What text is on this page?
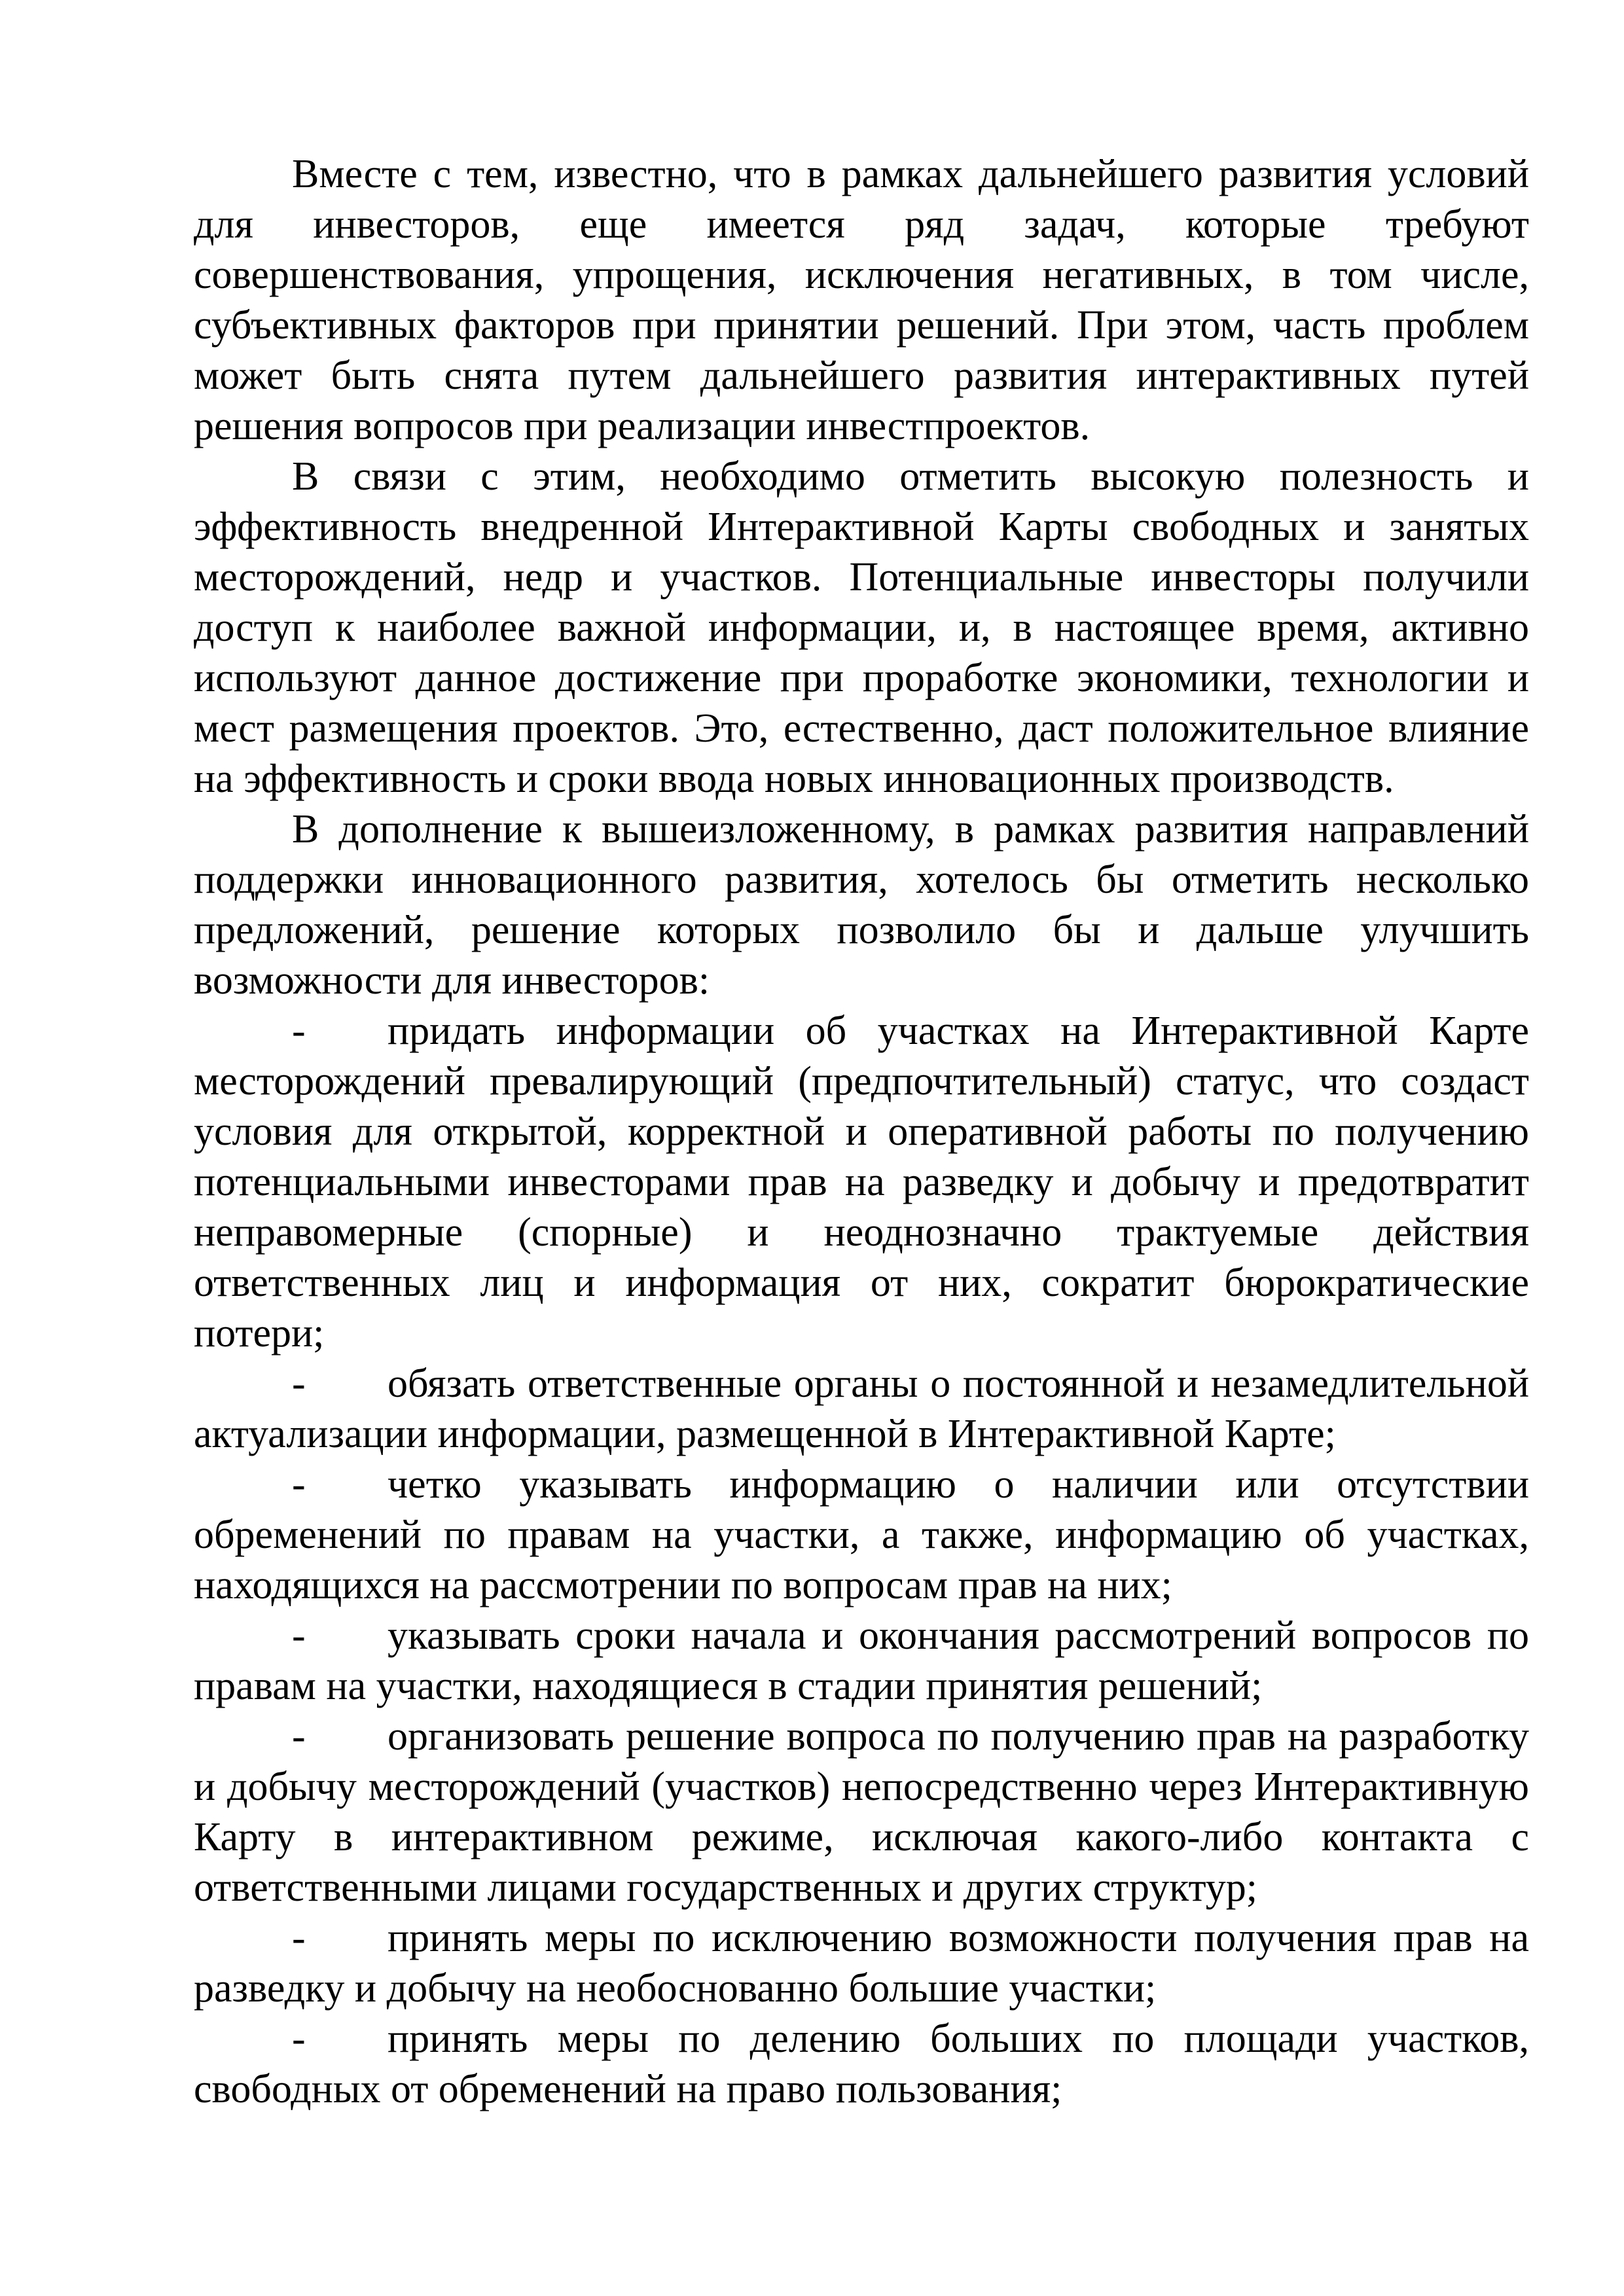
Вместе с тем, известно, что в рамках дальнейшего развития условий для инвесторов, еще имеется ряд задач, которые требуют совершенствования, упрощения, исключения негативных, в том числе, субъективных факторов при принятии решений. При этом, часть проблем может быть снята путем дальнейшего развития интерактивных путей решения вопросов при реализации инвестпроектов.

В связи с этим, необходимо отметить высокую полезность и эффективность внедренной Интерактивной Карты свободных и занятых месторождений, недр и участков. Потенциальные инвесторы получили доступ к наиболее важной информации, и, в настоящее время, активно используют данное достижение при проработке экономики, технологии и мест размещения проектов. Это, естественно, даст положительное влияние на эффективность и сроки ввода новых инновационных производств.

В дополнение к вышеизложенному, в рамках развития направлений поддержки инновационного развития, хотелось бы отметить несколько предложений, решение которых позволило бы и дальше улучшить возможности для инвесторов:

- придать информации об участках на Интерактивной Карте месторождений превалирующий (предпочтительный) статус, что создаст условия для открытой, корректной и оперативной работы по получению потенциальными инвесторами прав на разведку и добычу и предотвратит неправомерные (спорные) и неоднозначно трактуемые действия ответственных лиц и информация от них, сократит бюрократические потери;

- обязать ответственные органы о постоянной и незамедлительной актуализации информации, размещенной в Интерактивной Карте;

- четко указывать информацию о наличии или отсутствии обременений по правам на участки, а также, информацию об участках, находящихся на рассмотрении по вопросам прав на них;

- указывать сроки начала и окончания рассмотрений вопросов по правам на участки, находящиеся в стадии принятия решений;

- организовать решение вопроса по получению прав на разработку и добычу месторождений (участков) непосредственно через Интерактивную Карту в интерактивном режиме, исключая какого-либо контакта с ответственными лицами государственных и других структур;

- принять меры по исключению возможности получения прав на разведку и добычу на необоснованно большие участки;

- принять меры по делению больших по площади участков, свободных от обременений на право пользования;
